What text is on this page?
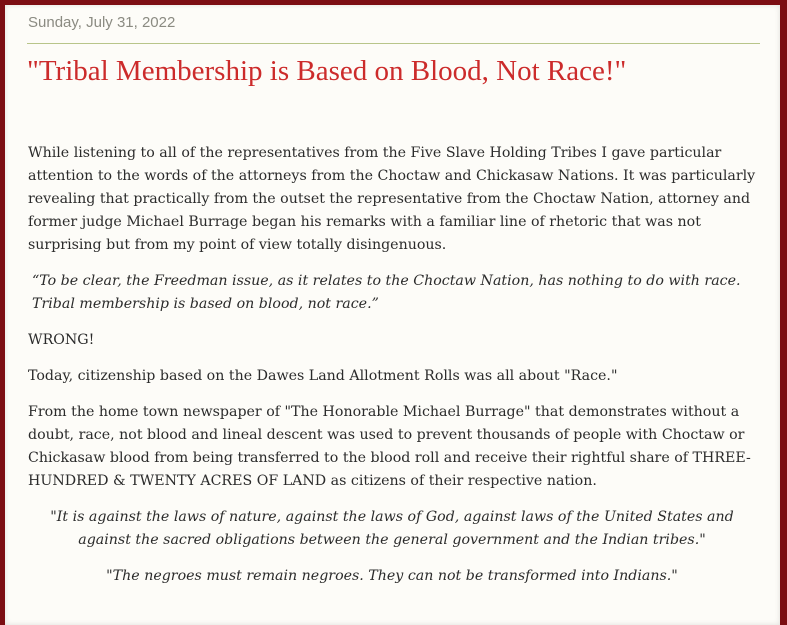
Sunday, July 31, 2022
"Tribal Membership is Based on Blood, Not Race!"

While listening to all of the representatives from the Five Slave Holding Tribes I gave particular attention to the words of the attorneys from the Choctaw and Chickasaw Nations. It was particularly revealing that practically from the outset the representative from the Choctaw Nation, attorney and former judge Michael Burrage began his remarks with a familiar line of rhetoric that was not surprising but from my point of view totally disingenuous.

“To be clear, the Freedman issue, as it relates to the Choctaw Nation, has nothing to do with race. Tribal membership is based on blood, not race.”

WRONG!

Today, citizenship based on the Dawes Land Allotment Rolls was all about "Race."

From the home town newspaper of "The Honorable Michael Burrage" that demonstrates without a doubt, race, not blood and lineal descent was used to prevent thousands of people with Choctaw or Chickasaw blood from being transferred to the blood roll and receive their rightful share of THREE-HUNDRED & TWENTY ACRES OF LAND as citizens of their respective nation.

"It is against the laws of nature, against the laws of God, against laws of the United States and against the sacred obligations between the general government and the Indian tribes."

"The negroes must remain negroes. They can not be transformed into Indians."
